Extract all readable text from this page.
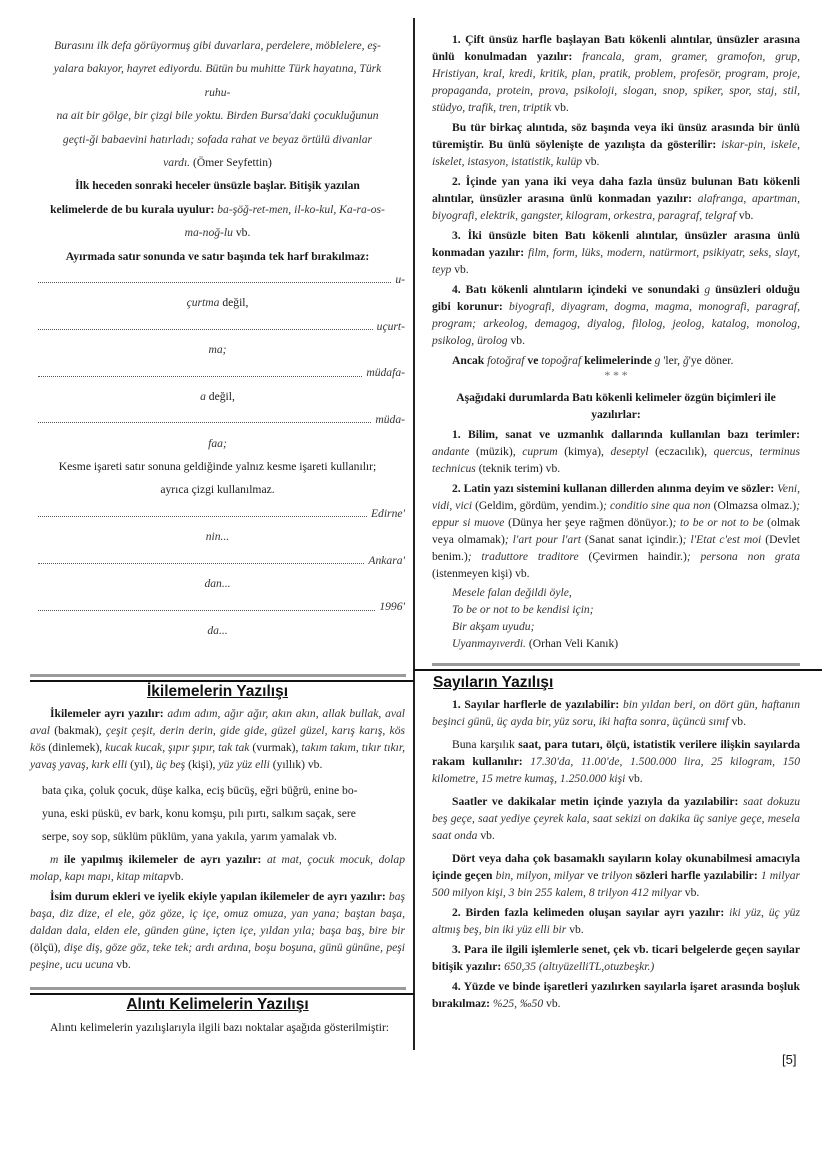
Burasını ilk defa görüyormuş gibi duvarlara, perdelere, möblelere, eş-
yalara bakıyor, hayret ediyordu. Bütün bu muhitte Türk hayatına, Türk
ruhu-
na ait bir gölge, bir çizgi bile yoktu. Birden Bursa'daki çocukluğunun
geçti-ği babaevini hatırladı; sofada rahat ve beyaz örtülü divanlar
vardı. (Ömer Seyfettin)
İlk heceden sonraki heceler ünsüzle başlar. Bitişik yazılan
kelimelerde de bu kurala uyulur: ba-şöğ-ret-men, il-ko-kul, Ka-ra-os-
ma-noğ-lu vb.
Ayırmada satır sonunda ve satır başında tek harf bırakılmaz:
u-
çurtma değil,
uçurt-
ma;
müdafa-
a değil,
müda-
faa;
Kesme işareti satır sonuna geldiğinde yalnız kesme işareti kullanılır;
ayrıca çizgi kullanılmaz.
Edirne'
nin...
Ankara'
dan...
1996'
da...
İkilemelerin Yazılışı

İkilemeler ayrı yazılır: adım adım, ağır ağır, akın akın, allak bullak, aval aval (bakmak), çeşit çeşit, derin derin, gide gide, güzel güzel, karış karış, kös kös (dinlemek), kucak kucak, şıpır şıpır, tak tak (vurmak), takım takım, tıkır tıkır, yavaş yavaş, kırk elli (yıl), üç beş (kişi), yüz yüz elli (yıllık) vb.

bata çıka, çoluk çocuk, düşe kalka, eciş bücüş, eğri büğrü, enine bo-
yuna, eski püskü, ev bark, konu komşu, pılı pırtı, salkım saçak, sere
serpe, soy sop, süklüm püklüm, yana yakıla, yarım yamalak vb.

m ile yapılmış ikilemeler de ayrı yazılır: at mat, çocuk mocuk, dolap molap, kapı mapı, kitap mitapvb.

İsim durum ekleri ve iyelik ekiyle yapılan ikilemeler de ayrı yazılır: baş başa, diz dize, el ele, göz göze, iç içe, omuz omuza, yan yana; baştan başa, daldan dala, elden ele, günden güne, içten içe, yıldan yıla; başa baş, bire bir (ölçü), dişe diş, göze göz, teke tek; ardı ardına, boşu boşuna, günü gününe, peşi peşine, ucu ucuna vb.

Alıntı Kelimelerin Yazılışı

Alıntı kelimelerin yazılışlarıyla ilgili bazı noktalar aşağıda gösterilmiştir:

1. Çift ünsüz harfle başlayan Batı kökenli alıntılar, ünsüzler arasına ünlü konulmadan yazılır: francala, gram, gramer, gramofon, grup, Hristiyan, kral, kredi, kritik, plan, pratik, problem, profesör, program, proje, propaganda, protein, prova, psikoloji, slogan, snop, spiker, spor, staj, stil, stüdyo, trafik, tren, triptik vb.

Bu tür birkaç alıntıda, söz başında veya iki ünsüz arasında bir ünlü türemiştir. Bu ünlü söylenişte de yazılışta da gösterilir: iskar-pin, iskele, iskelet, istasyon, istatistik, kulüp vb.

2. İçinde yan yana iki veya daha fazla ünsüz bulunan Batı kökenli alıntılar, ünsüzler arasına ünlü konmadan yazılır: alafranga, apartman, biyografi, elektrik, gangster, kilogram, orkestra, paragraf, telgraf vb.

3. İki ünsüzle biten Batı kökenli alıntılar, ünsüzler arasına ünlü konmadan yazılır: film, form, lüks, modern, natürmort, psikiyatr, seks, slayt, teyp vb.

4. Batı kökenli alıntıların içindeki ve sonundaki g ünsüzleri olduğu gibi korunur: biyografi, diyagram, dogma, magma, monografi, paragraf, program; arkeolog, demagog, diyalog, filolog, jeolog, katalog, monolog, psikolog, ürolog vb.

Ancak fotoğraf ve topoğraf kelimelerinde g 'ler, ğ'ye döner.

* * *

Aşağıdaki durumlarda Batı kökenli kelimeler özgün biçimleri ile yazılırlar:

1. Bilim, sanat ve uzmanlık dallarında kullanılan bazı terimler: andante (müzik), cuprum (kimya), deseptyl (eczacılık), quercus, terminus technicus (teknik terim) vb.

2. Latin yazı sistemini kullanan dillerden alınma deyim ve sözler: Veni, vidi, vici (Geldim, gördüm, yendim.); conditio sine qua non (Olmazsa olmaz.); eppur si muove (Dünya her şeye rağmen dönüyor.); to be or not to be (olmak veya olmamak); l'art pour l'art (Sanat sanat içindir.); l'Etat c'est moi (Devlet benim.); traduttore traditore (Çevirmen haindir.); persona non grata (istenmeyen kişi) vb.

Mesele falan değildi öyle,
To be or not to be kendisi için;
Bir akşam uyudu;
Uyanmayıverdi. (Orhan Veli Kanık)
Sayıların Yazılışı

1. Sayılar harflerle de yazılabilir: bin yıldan beri, on dört gün, haftanın beşinci günü, üç ayda bir, yüz soru, iki hafta sonra, üçüncü sınıf vb.

Buna karşılık saat, para tutarı, ölçü, istatistik verilere ilişkin sayılarda rakam kullanılır: 17.30'da, 11.00'de, 1.500.000 lira, 25 kilogram, 150 kilometre, 15 metre kumaş, 1.250.000 kişi vb.

Saatler ve dakikalar metin içinde yazıyla da yazılabilir: saat dokuzu beş geçe, saat yediye çeyrek kala, saat sekizi on dakika üç saniye geçe, mesela saat onda vb.

Dört veya daha çok basamaklı sayıların kolay okunabilmesi amacıyla içinde geçen bin, milyon, milyar ve trilyon sözleri harfle yazılabilir: 1 milyar 500 milyon kişi, 3 bin 255 kalem, 8 trilyon 412 milyar vb.

2. Birden fazla kelimeden oluşan sayılar ayrı yazılır: iki yüz, üç yüz altmış beş, bin iki yüz elli bir vb.

3. Para ile ilgili işlemlerle senet, çek vb. ticari belgelerde geçen sayılar bitişik yazılır: 650,35 (altıyüzelliTL,otuzbeşkr.)

4. Yüzde ve binde işaretleri yazılırken sayılarla işaret arasında boşluk bırakılmaz: %25, ‰50 vb.

[5]
